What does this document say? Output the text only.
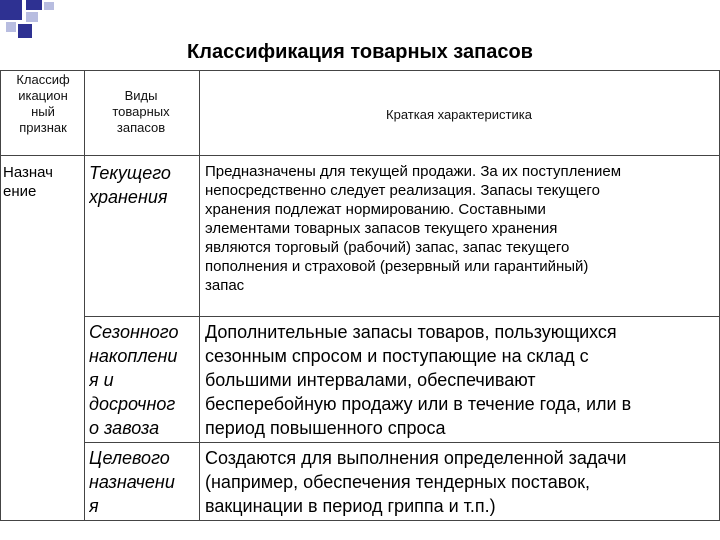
Классификация товарных запасов
Классиф
икацион
ный
признак
Виды
товарных
запасов
Краткая характеристика
Назнач
ение
Текущего
хранения
Предназначены для текущей продажи. За их поступлением
непосредственно следует реализация. Запасы текущего
хранения подлежат нормированию. Составными
элементами товарных запасов текущего хранения
являются торговый (рабочий) запас, запас текущего
пополнения и страховой (резервный или гарантийный)
запас
Сезонного
накоплени
я и
досрочног
о завоза
Дополнительные запасы товаров, пользующихся
сезонным спросом и поступающие на склад с
большими интервалами, обеспечивают
бесперебойную продажу или в течение года, или в
период повышенного спроса
Целевого
назначени
я
Создаются для выполнения определенной задачи
(например, обеспечения тендерных поставок,
вакцинации в период гриппа и т.п.)
